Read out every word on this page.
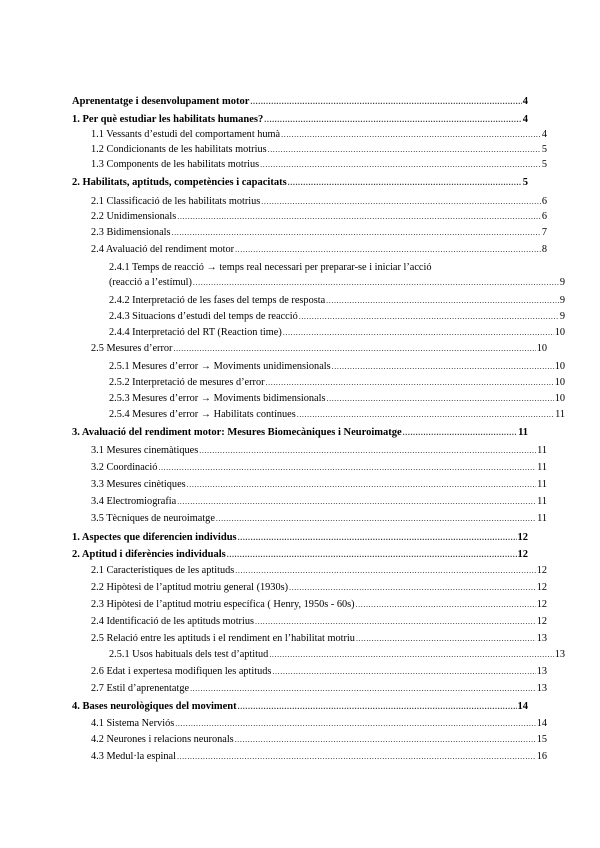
Aprenentatge i desenvolupament motor .....	4
1. Per què estudiar les habilitats humanes? .....	4
1.1 Vessants d’estudi del comportament humà .....	4
1.2 Condicionants de les habilitats motrius .....	5
1.3 Components de les habilitats motrius .....	5
2. Habilitats, aptituds, competències i capacitats .....	5
2.1 Classificació de les habilitats motrius .....	6
2.2 Unidimensionals .....	6
2.3 Bidimensionals .....	7
2.4 Avaluació del rendiment motor .....	8
2.4.1 Temps de reacció → temps real necessari per preparar-se i iniciar l’acció
(reacció a l’estímul) .....	9
2.4.2 Interpretació de les fases del temps de resposta .....	9
2.4.3 Situacions d’estudi del temps de reacció .....	9
2.4.4 Interpretació del RT (Reaction time) .....	10
2.5 Mesures d’error .....	10
2.5.1 Mesures d’error → Moviments unidimensionals .....	10
2.5.2 Interpretació de mesures d’error .....	10
2.5.3 Mesures d’error → Moviments bidimensionals .....	10
2.5.4 Mesures d’error → Habilitats contínues .....	11
3. Avaluació del rendiment motor: Mesures Biomecàniques i Neuroimatge .....	11
3.1 Mesures cinemàtiques .....	11
3.2 Coordinació .....	11
3.3 Mesures cinètiques .....	11
3.4 Electromiografia .....	11
3.5 Tècniques de neuroimatge .....	11
1. Aspectes que diferencien individus .....	12
2. Aptitud i diferències individuals .....	12
2.1 Característiques de les aptituds .....	12
2.2 Hipòtesi de l’aptitud motriu general (1930s) .....	12
2.3 Hipòtesi de l’aptitud motriu específica ( Henry, 1950s - 60s) .....	12
2.4 Identificació de les aptituds motrius .....	12
2.5 Relació entre les aptituds i el rendiment en l’habilitat motriu .....	13
2.5.1 Usos habituals dels test d’aptitud .....	13
2.6 Edat i expertesa modifiquen les aptituds .....	13
2.7 Estil d’aprenentatge .....	13
4. Bases neurològiques del moviment .....	14
4.1 Sistema Nerviós .....	14
4.2 Neurones i relacions neuronals .....	15
4.3 Medul·la espinal .....	16
